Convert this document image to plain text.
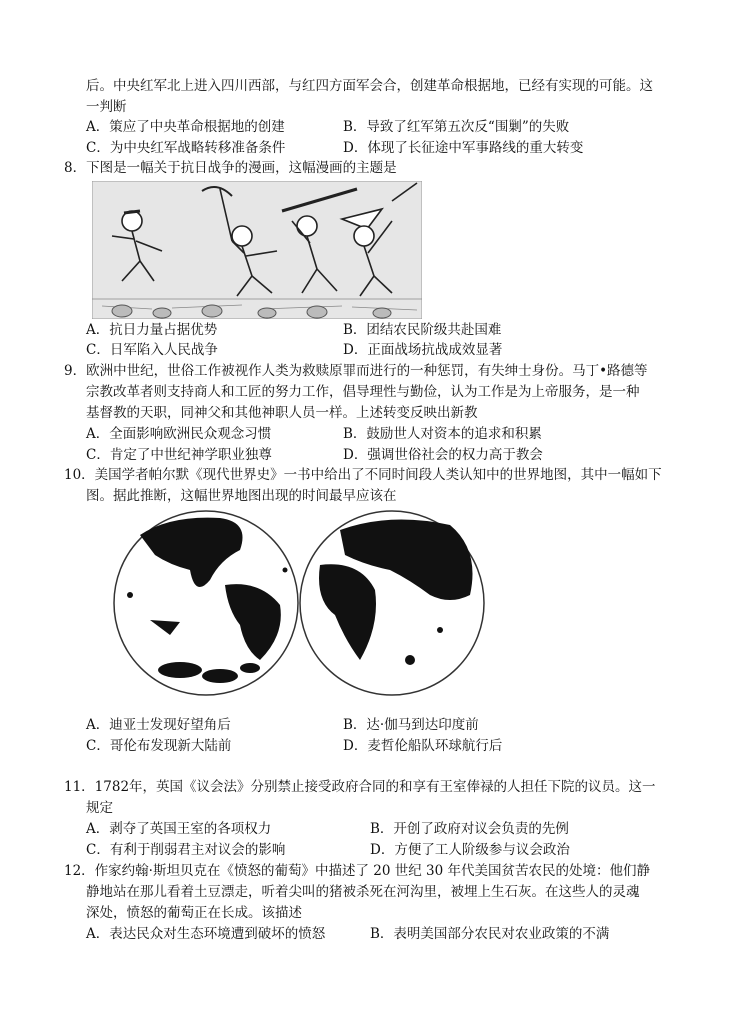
后。中央红军北上进入四川西部，与红四方面军会合，创建革命根据地，已经有实现的可能。这
一判断
A．策应了中央革命根据地的创建	B．导致了红军第五次反“围剿”的失败
C．为中央红军战略转移准备条件	D．体现了长征途中军事路线的重大转变
8．下图是一幅关于抗日战争的漫画，这幅漫画的主题是
A．抗日力量占据优势	B．团结农民阶级共赴国难
C．日军陷入人民战争	D．正面战场抗战成效显著
9．欧洲中世纪，世俗工作被视作人类为救赎原罪而进行的一种惩罚，有失绅士身份。马丁•路德等
宗教改革者则支持商人和工匠的努力工作，倡导理性与勤俭，认为工作是为上帝服务，是一种
基督教的天职，同神父和其他神职人员一样。上述转变反映出新教
A．全面影响欧洲民众观念习惯	B．鼓励世人对资本的追求和积累
C．肯定了中世纪神学职业独尊	D．强调世俗社会的权力高于教会
10．美国学者帕尔默《现代世界史》一书中给出了不同时间段人类认知中的世界地图，其中一幅如下
图。据此推断，这幅世界地图出现的时间最早应该在
A．迪亚士发现好望角后	B．达·伽马到达印度前
C．哥伦布发现新大陆前	D．麦哲伦船队环球航行后
11．1782年，英国《议会法》分别禁止接受政府合同的和享有王室俸禄的人担任下院的议员。这一
规定
A．剥夺了英国王室的各项权力	B．开创了政府对议会负责的先例
C．有利于削弱君主对议会的影响	D．方便了工人阶级参与议会政治
12．作家约翰·斯坦贝克在《愤怒的葡萄》中描述了 20 世纪 30 年代美国贫苦农民的处境：他们静
静地站在那儿看着土豆漂走，听着尖叫的猪被杀死在河沟里，被埋上生石灰。在这些人的灵魂
深处，愤怒的葡萄正在长成。该描述
A．表达民众对生态环境遭到破坏的愤怒	B．表明美国部分农民对农业政策的不满
